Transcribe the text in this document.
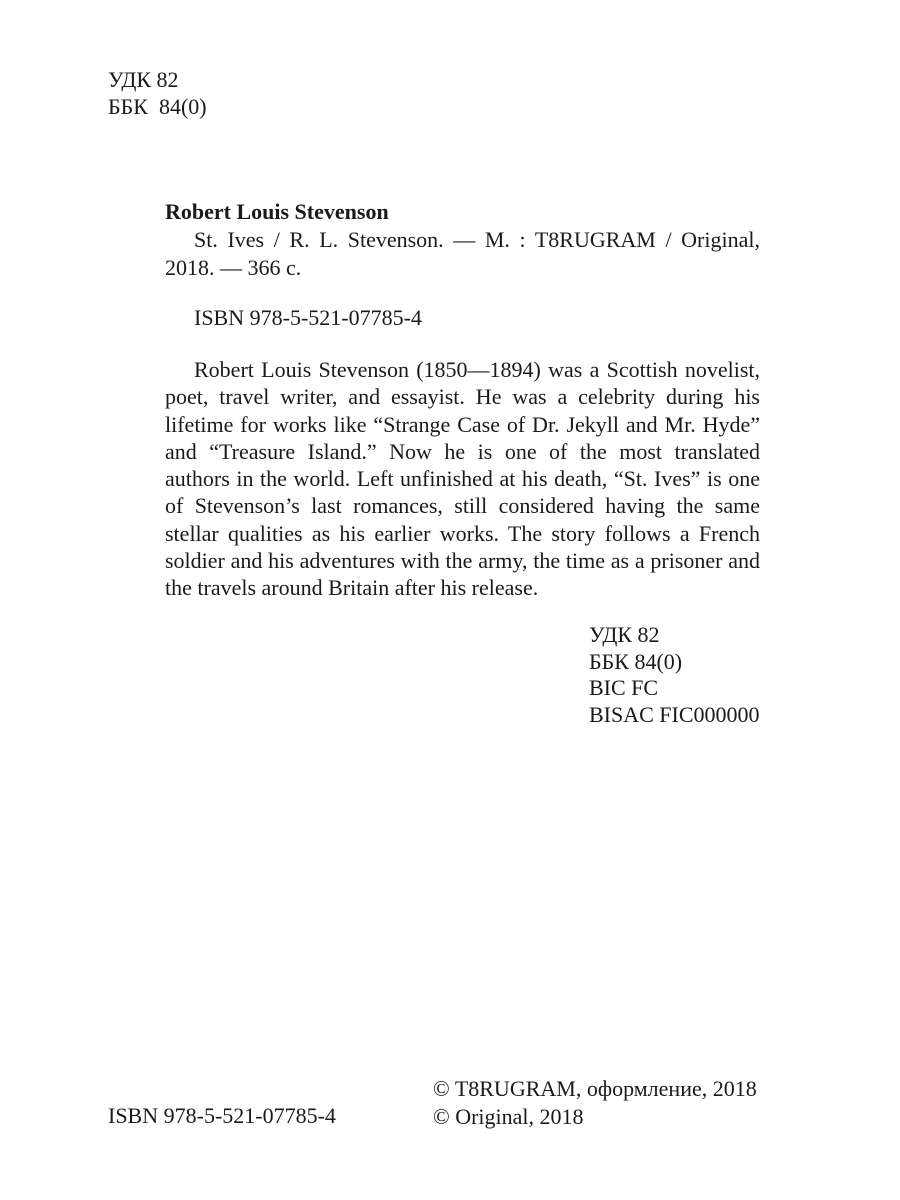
УДК 82
ББК  84(0)
Robert Louis Stevenson

St. Ives / R. L. Stevenson. — M. : T8RUGRAM / Original, 2018. — 366 с.

ISBN 978-5-521-07785-4

Robert Louis Stevenson (1850—1894) was a Scottish novelist, poet, travel writer, and essayist. He was a celebrity during his lifetime for works like “Strange Case of Dr. Jekyll and Mr. Hyde” and “Treasure Island.” Now he is one of the most translated authors in the world. Left unfinished at his death, “St. Ives” is one of Stevenson’s last romances, still considered having the same stellar qualities as his earlier works. The story follows a French soldier and his adventures with the army, the time as a prisoner and the travels around Britain after his release.

УДК 82
ББК 84(0)
BIC FC
BISAC FIC000000
ISBN 978-5-521-07785-4
© T8RUGRAM, оформление, 2018
© Original, 2018
